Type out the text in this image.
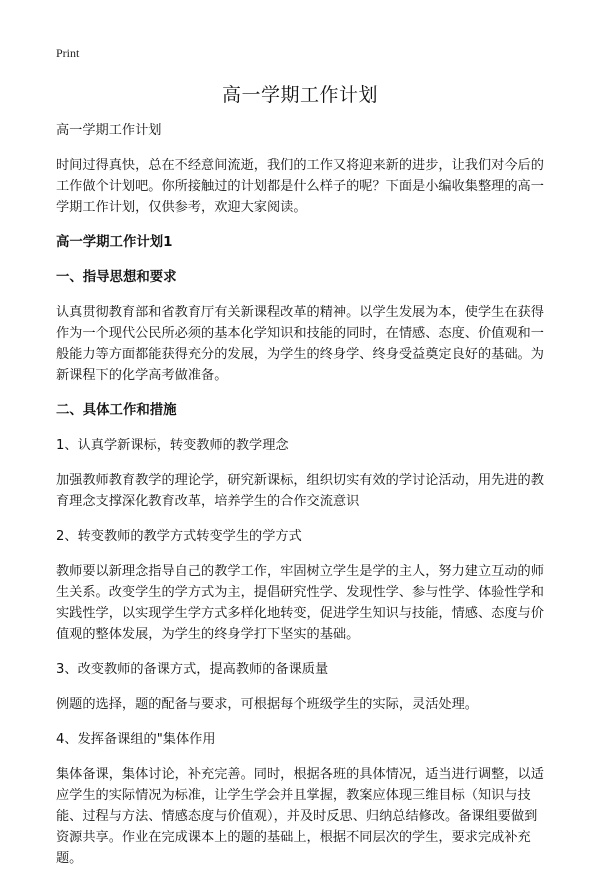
Print
高一学期工作计划

高一学期工作计划

时间过得真快，总在不经意间流逝，我们的工作又将迎来新的进步，让我们对今后的工作做个计划吧。你所接触过的计划都是什么样子的呢？下面是小编收集整理的高一学期工作计划，仅供参考，欢迎大家阅读。

高一学期工作计划1
一、指导思想和要求

认真贯彻教育部和省教育厅有关新课程改革的精神。以学生发展为本，使学生在获得作为一个现代公民所必须的基本化学知识和技能的同时，在情感、态度、价值观和一般能力等方面都能获得充分的发展，为学生的终身学、终身受益奠定良好的基础。为新课程下的化学高考做准备。

二、具体工作和措施

1、认真学新课标，转变教师的教学理念

加强教师教育教学的理论学，研究新课标，组织切实有效的学讨论活动，用先进的教育理念支撑深化教育改革，培养学生的合作交流意识

2、转变教师的教学方式转变学生的学方式

教师要以新理念指导自己的教学工作，牢固树立学生是学的主人，努力建立互动的师生关系。改变学生的学方式为主，提倡研究性学、发现性学、参与性学、体验性学和实践性学，以实现学生学方式多样化地转变，促进学生知识与技能，情感、态度与价值观的整体发展，为学生的终身学打下坚实的基础。

3、改变教师的备课方式，提高教师的备课质量

例题的选择，题的配备与要求，可根据每个班级学生的实际，灵活处理。

4、发挥备课组的"集体作用

集体备课，集体讨论，补充完善。同时，根据各班的具体情况，适当进行调整，以适应学生的实际情况为标准，让学生学会并且掌握，教案应体现三维目标（知识与技能、过程与方法、情感态度与价值观），并及时反思、归纳总结修改。备课组要做到资源共享。作业在完成课本上的题的基础上，根据不同层次的学生，要求完成补充题。
